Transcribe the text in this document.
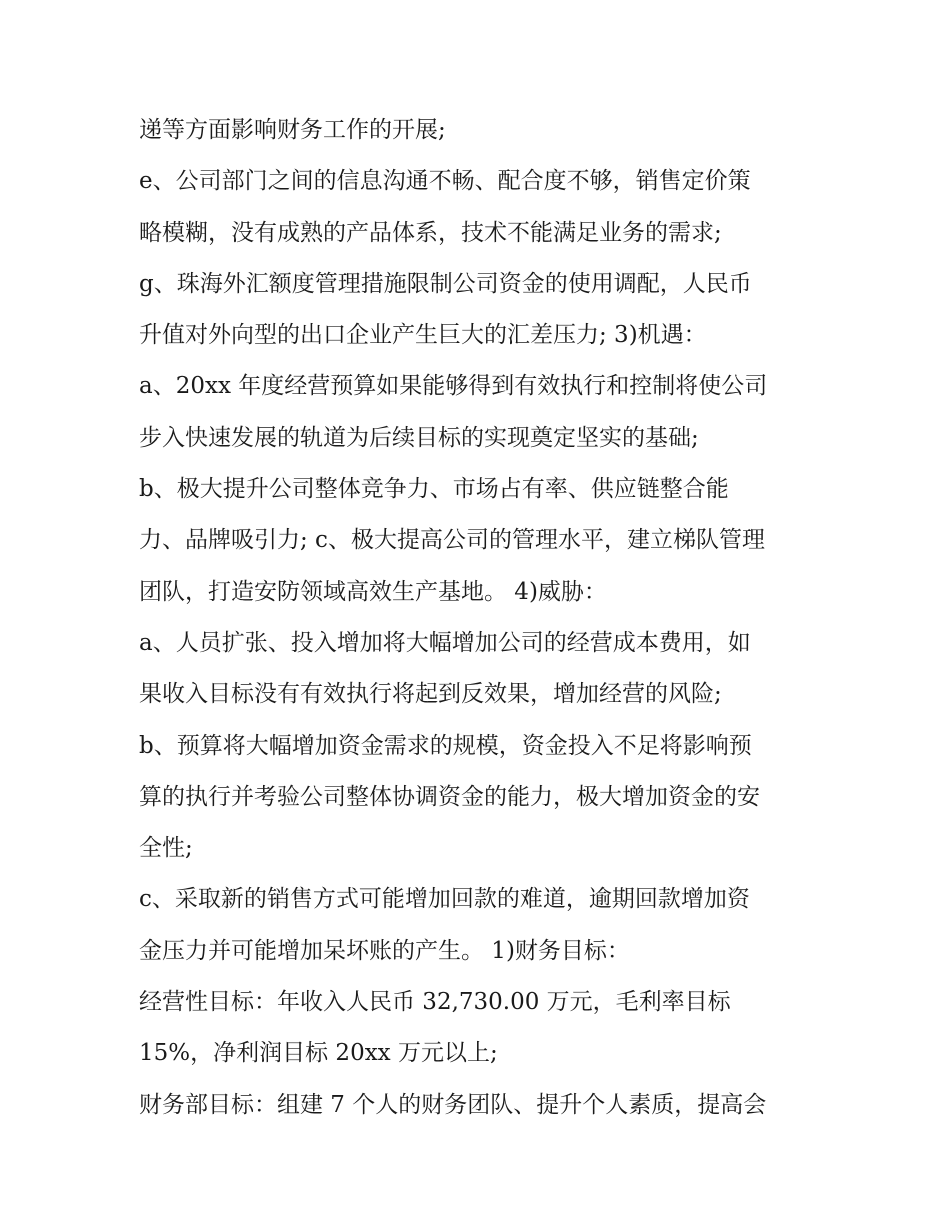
递等方面影响财务工作的开展;
e、公司部门之间的信息沟通不畅、配合度不够，销售定价策
略模糊，没有成熟的产品体系，技术不能满足业务的需求;
g、珠海外汇额度管理措施限制公司资金的使用调配，人民币
升值对外向型的出口企业产生巨大的汇差压力; 3)机遇：
a、20xx 年度经营预算如果能够得到有效执行和控制将使公司
步入快速发展的轨道为后续目标的实现奠定坚实的基础;
b、极大提升公司整体竞争力、市场占有率、供应链整合能
力、品牌吸引力; c、极大提高公司的管理水平，建立梯队管理
团队，打造安防领域高效生产基地。 4)威胁：
a、人员扩张、投入增加将大幅增加公司的经营成本费用，如
果收入目标没有有效执行将起到反效果，增加经营的风险;
b、预算将大幅增加资金需求的规模，资金投入不足将影响预
算的执行并考验公司整体协调资金的能力，极大增加资金的安
全性;
c、采取新的销售方式可能增加回款的难道，逾期回款增加资
金压力并可能增加呆坏账的产生。 1)财务目标：
经营性目标：年收入人民币 32,730.00 万元，毛利率目标
15%，净利润目标 20xx 万元以上;
财务部目标：组建 7 个人的财务团队、提升个人素质，提高会
